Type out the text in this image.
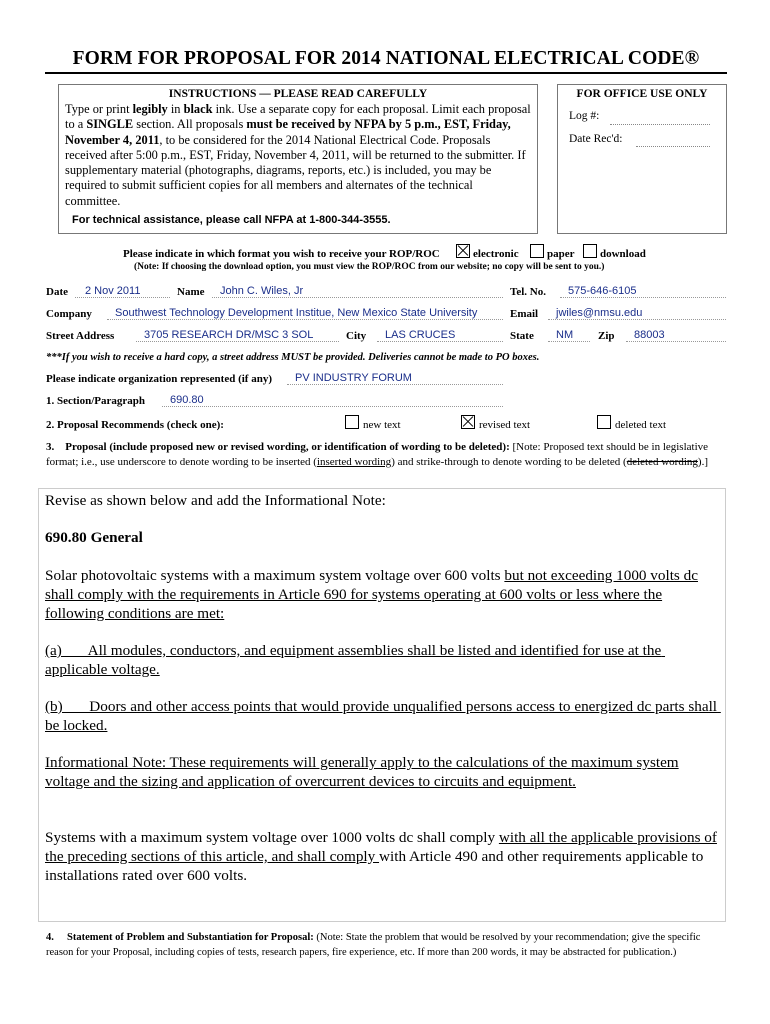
FORM FOR PROPOSAL FOR 2014 NATIONAL ELECTRICAL CODE®
INSTRUCTIONS — PLEASE READ CAREFULLY
Type or print legibly in black ink. Use a separate copy for each proposal. Limit each proposal to a SINGLE section. All proposals must be received by NFPA by 5 p.m., EST, Friday, November 4, 2011, to be considered for the 2014 National Electrical Code. Proposals received after 5:00 p.m., EST, Friday, November 4, 2011, will be returned to the submitter. If supplementary material (photographs, diagrams, reports, etc.) is included, you may be required to submit sufficient copies for all members and alternates of the technical committee.
For technical assistance, please call NFPA at 1-800-344-3555.
FOR OFFICE USE ONLY
Log #:
Date Rec'd:
Please indicate in which format you wish to receive your ROP/ROC	electronic	paper download
(Note: If choosing the download option, you must view the ROP/ROC from our website; no copy will be sent to you.)
Date	2 Nov 2011	Name	John C. Wiles, Jr	Tel. No.	575-646-6105
Company	Southwest Technology Development Institue, New Mexico State University	Email	jwiles@nmsu.edu
Street Address	3705 RESEARCH DR/MSC 3 SOL	City	LAS CRUCES	State	NM	Zip	88003
***If you wish to receive a hard copy, a street address MUST be provided. Deliveries cannot be made to PO boxes.
Please indicate organization represented (if any)	PV INDUSTRY FORUM
1. Section/Paragraph	690.80
2. Proposal Recommends (check one):	new text	revised text	deleted text
3. Proposal (include proposed new or revised wording, or identification of wording to be deleted): [Note: Proposed text should be in legislative format; i.e., use underscore to denote wording to be inserted (inserted wording) and strike-through to denote wording to be deleted (deleted wording).]
Revise as shown below and add the Informational Note:
690.80 General
Solar photovoltaic systems with a maximum system voltage over 600 volts but not exceeding 1000 volts dc shall comply with the requirements in Article 690 for systems operating at 600 volts or less where the following conditions are met:
(a)       All modules, conductors, and equipment assemblies shall be listed and identified for use at the applicable voltage.
(b)       Doors and other access points that would provide unqualified persons access to energized dc parts shall be locked.
Informational Note: These requirements will generally apply to the calculations of the maximum system voltage and the sizing and application of overcurrent devices to circuits and equipment.
Systems with a maximum system voltage over 1000 volts dc shall comply with all the applicable provisions of the preceding sections of this article, and shall comply with Article 490 and other requirements applicable to installations rated over 600 volts.
4. Statement of Problem and Substantiation for Proposal: (Note: State the problem that would be resolved by your recommendation; give the specific reason for your Proposal, including copies of tests, research papers, fire experience, etc. If more than 200 words, it may be abstracted for publication.)
